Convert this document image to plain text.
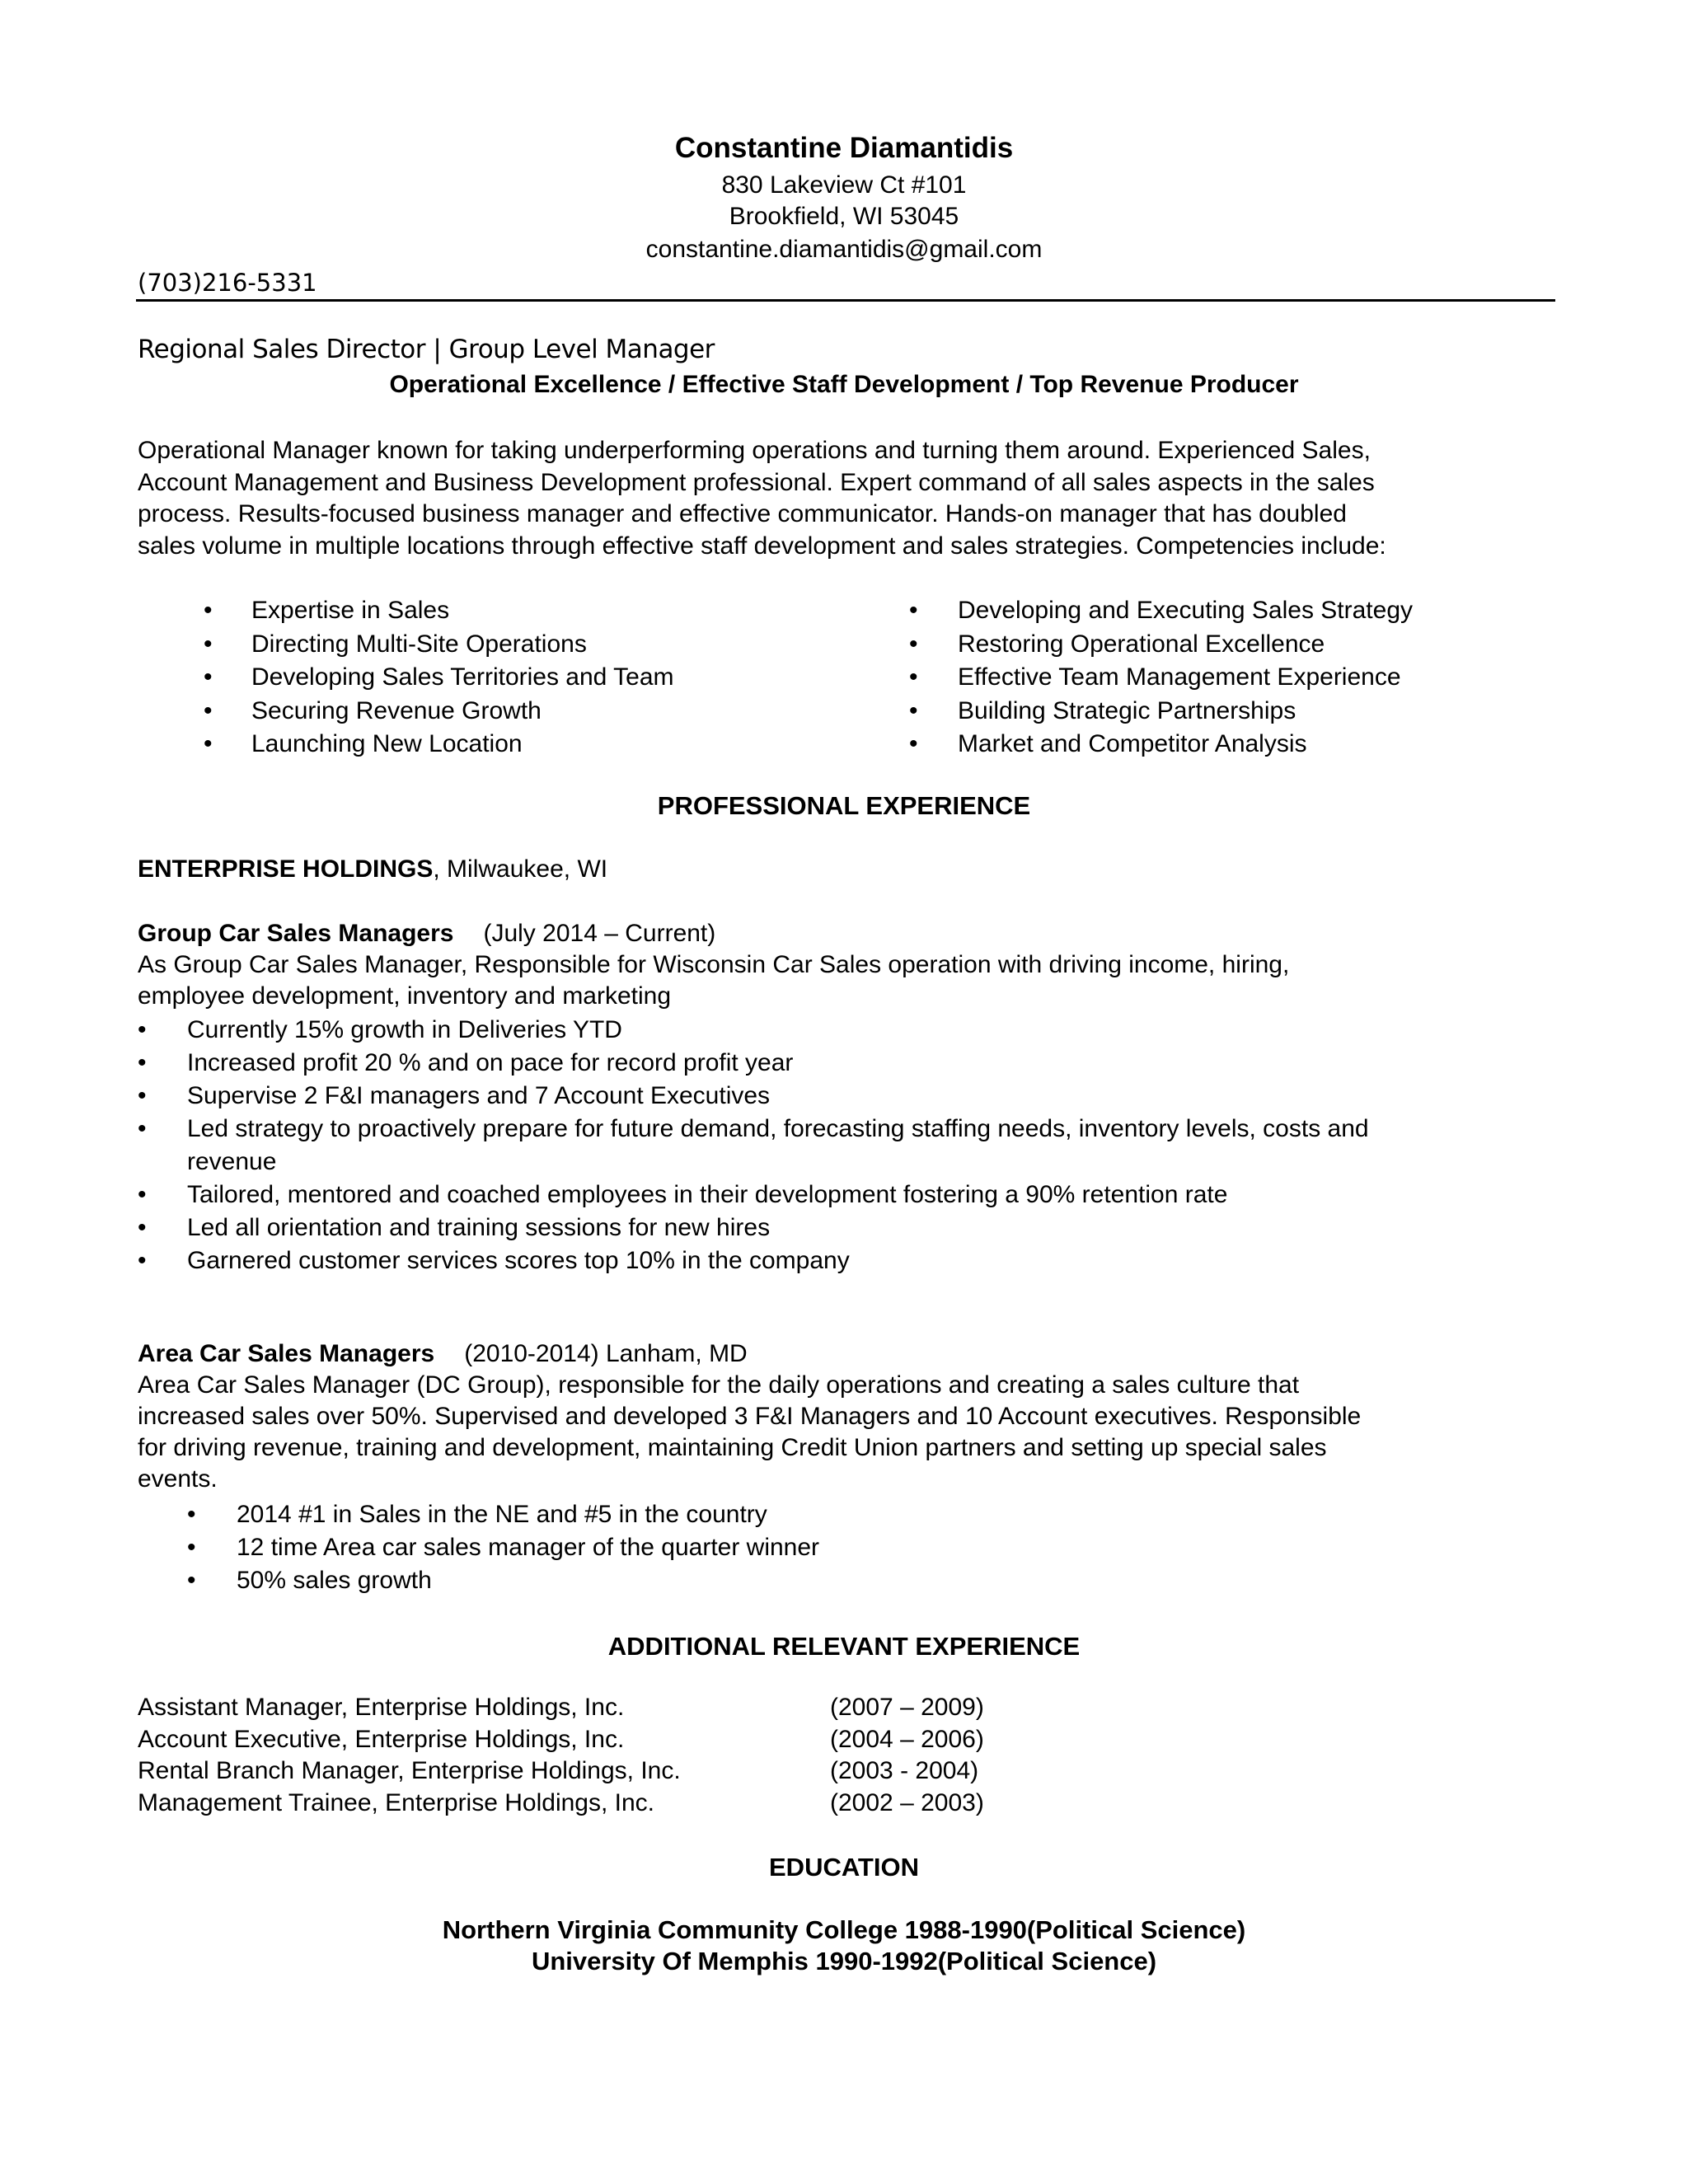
Constantine Diamantidis
830 Lakeview Ct #101
Brookfield, WI 53045
constantine.diamantidis@gmail.com
(703)216-5331
Regional Sales Director | Group Level Manager
Operational Excellence / Effective Staff Development / Top Revenue Producer
Operational Manager known for taking underperforming operations and turning them around. Experienced Sales,
Account Management and Business Development professional. Expert command of all sales aspects in the sales
process. Results-focused business manager and effective communicator. Hands-on manager that has doubled
sales volume in multiple locations through effective staff development and sales strategies. Competencies include:
• Expertise in Sales
• Directing Multi-Site Operations
• Developing Sales Territories and Team
• Securing Revenue Growth
• Launching New Location
• Developing and Executing Sales Strategy
• Restoring Operational Excellence
• Effective Team Management Experience
• Building Strategic Partnerships
• Market and Competitor Analysis
PROFESSIONAL EXPERIENCE
ENTERPRISE HOLDINGS, Milwaukee, WI
Group Car Sales Managers (July 2014 – Current)
As Group Car Sales Manager, Responsible for Wisconsin Car Sales operation with driving income, hiring,
employee development, inventory and marketing
• Currently 15% growth in Deliveries YTD
• Increased profit 20 % and on pace for record profit year
• Supervise 2 F&I managers and 7 Account Executives
• Led strategy to proactively prepare for future demand, forecasting staffing needs, inventory levels, costs and
revenue
• Tailored, mentored and coached employees in their development fostering a 90% retention rate
• Led all orientation and training sessions for new hires
• Garnered customer services scores top 10% in the company
Area Car Sales Managers (2010-2014) Lanham, MD
Area Car Sales Manager (DC Group), responsible for the daily operations and creating a sales culture that
increased sales over 50%. Supervised and developed 3 F&I Managers and 10 Account executives. Responsible
for driving revenue, training and development, maintaining Credit Union partners and setting up special sales
events.
• 2014 #1 in Sales in the NE and #5 in the country
• 12 time Area car sales manager of the quarter winner
• 50% sales growth
ADDITIONAL RELEVANT EXPERIENCE
Assistant Manager, Enterprise Holdings, Inc.
Account Executive, Enterprise Holdings, Inc.
Rental Branch Manager, Enterprise Holdings, Inc.
Management Trainee, Enterprise Holdings, Inc.
(2007 – 2009)
(2004 – 2006)
(2003 - 2004)
(2002 – 2003)
EDUCATION
Northern Virginia Community College 1988-1990(Political Science)
University Of Memphis 1990-1992(Political Science)
